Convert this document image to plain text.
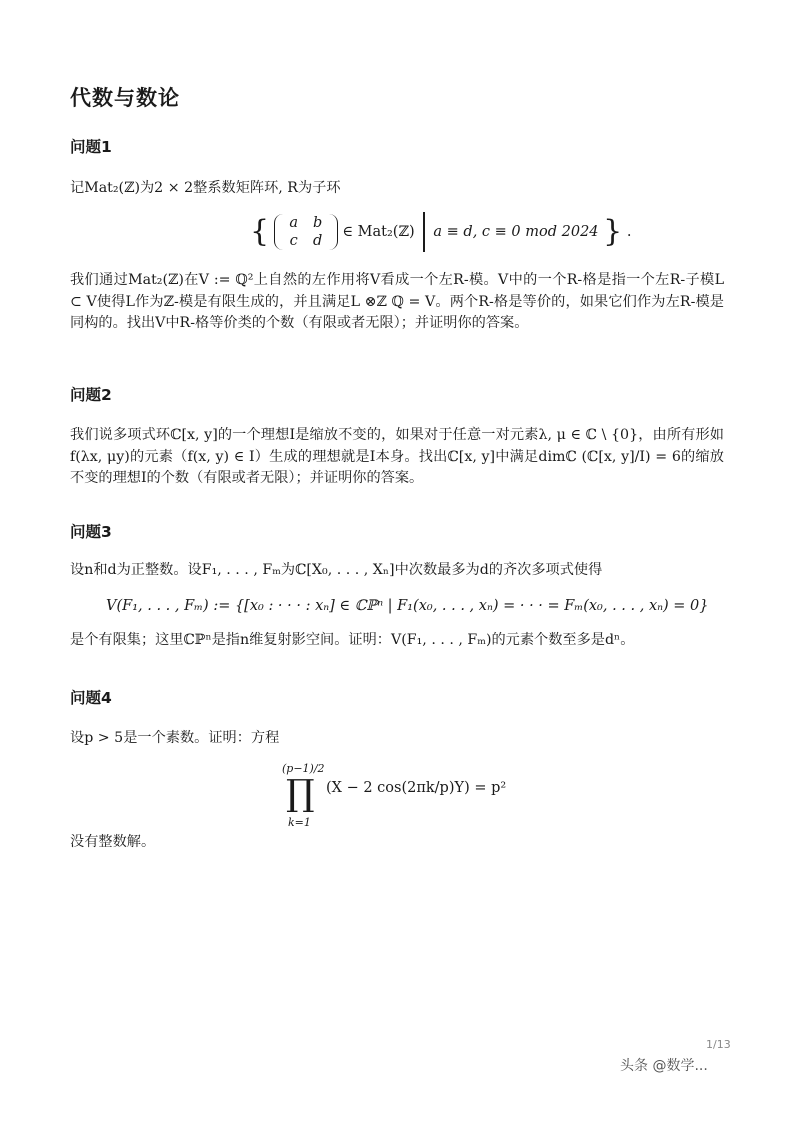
代数与数论
问题1
记Mat₂(ℤ)为2 × 2整系数矩阵环, R为子环
{	a b
c d
∈ Mat₂(ℤ) a ≡ d, c ≡ 0 mod 2024 } .
我们通过Mat₂(ℤ)在V := ℚ²上自然的左作用将V看成一个左R-模。V中的一个R-格是指一个左R-子模L ⊂ V使得L作为ℤ-模是有限生成的，并且满足L ⊗ℤ ℚ = V。两个R-格是等价的，如果它们作为左R-模是同构的。找出V中R-格等价类的个数（有限或者无限）；并证明你的答案。
问题2
我们说多项式环ℂ[x, y]的一个理想I是缩放不变的，如果对于任意一对元素λ, μ ∈ ℂ \ {0}，由所有形如f(λx, μy)的元素（f(x, y) ∈ I）生成的理想就是I本身。找出ℂ[x, y]中满足dimℂ (ℂ[x, y]/I) = 6的缩放不变的理想I的个数（有限或者无限）；并证明你的答案。
问题3
设n和d为正整数。设F₁, . . . , Fₘ为ℂ[X₀, . . . , Xₙ]中次数最多为d的齐次多项式使得
V(F₁, . . . , Fₘ) := {[x₀ : · · · : xₙ] ∈ ℂℙⁿ | F₁(x₀, . . . , xₙ) = · · · = Fₘ(x₀, . . . , xₙ) = 0}
是个有限集；这里ℂℙⁿ是指n维复射影空间。证明：V(F₁, . . . , Fₘ)的元素个数至多是dⁿ。
问题4
设p > 5是一个素数。证明：方程
(p−1)/2
∏
k=1
(X − 2 cos(2πk/p)Y) = p²
没有整数解。
1/13
头条 @数学...
